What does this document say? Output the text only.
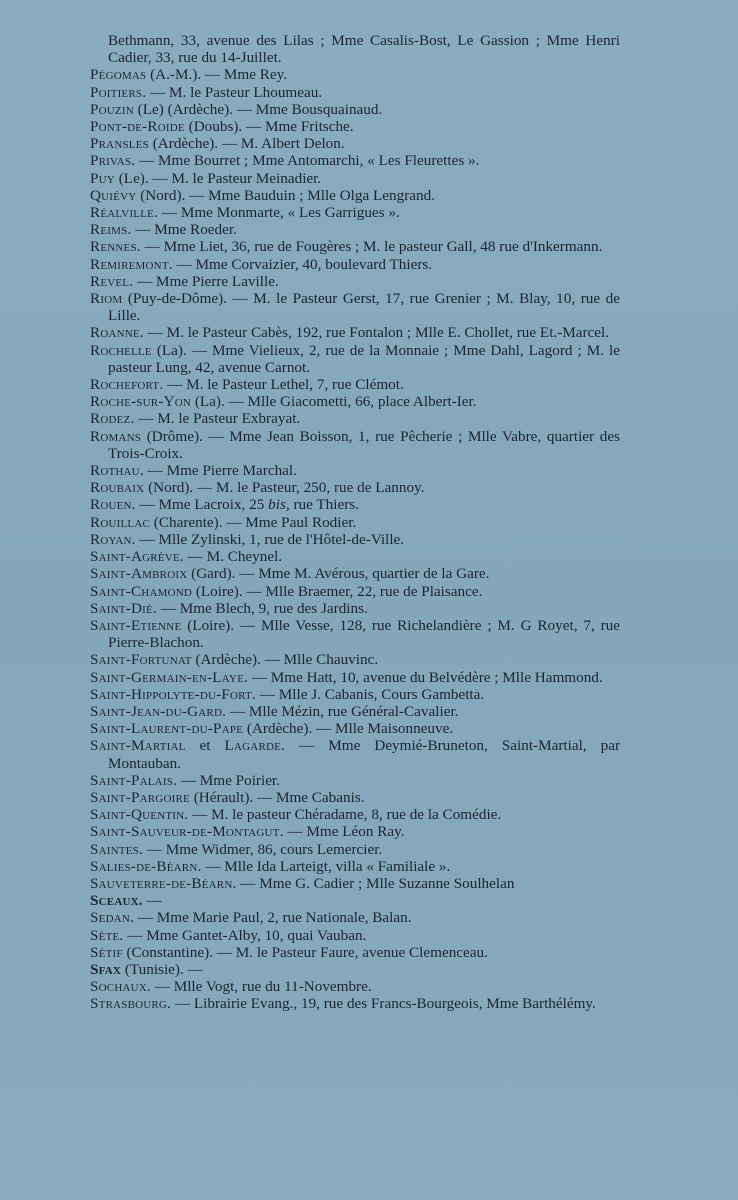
Bethmann, 33, avenue des Lilas ; Mme Casalis-Bost, Le Gassion ; Mme Henri Cadier, 33, rue du 14-Juillet.

Pégomas (A.-M.). — Mme Rey.

Poitiers. — M. le Pasteur Lhoumeau.

Pouzin (Le) (Ardèche). — Mme Bousquainaud.

Pont-de-Roide (Doubs). — Mme Fritsche.

Pransles (Ardèche). — M. Albert Delon.

Privas. — Mme Bourret ; Mme Antomarchi, « Les Fleurettes ».

Puy (Le). — M. le Pasteur Meinadier.

Quiévy (Nord). — Mme Bauduin ; Mlle Olga Lengrand.

Réalville. — Mme Monmarte, « Les Garrigues ».

Reims. — Mme Roeder.

Rennes. — Mme Liet, 36, rue de Fougères ; M. le pasteur Gall, 48 rue d'Inkermann.

Remiremont. — Mme Corvaizier, 40, boulevard Thiers.

Revel. — Mme Pierre Laville.

Riom (Puy-de-Dôme). — M. le Pasteur Gerst, 17, rue Grenier ; M. Blay, 10, rue de Lille.

Roanne. — M. le Pasteur Cabès, 192, rue Fontalon ; Mlle E. Chollet, rue Et.-Marcel.

Rochelle (La). — Mme Vielieux, 2, rue de la Monnaie ; Mme Dahl, Lagord ; M. le pasteur Lung, 42, avenue Carnot.

Rochefort. — M. le Pasteur Lethel, 7, rue Clémot.

Roche-sur-Yon (La). — Mlle Giacometti, 66, place Albert-Ier.

Rodez. — M. le Pasteur Exbrayat.

Romans (Drôme). — Mme Jean Boisson, 1, rue Pêcherie ; Mlle Vabre, quartier des Trois-Croix.

Rothau. — Mme Pierre Marchal.

Roubaix (Nord). — M. le Pasteur, 250, rue de Lannoy.

Rouen. — Mme Lacroix, 25 bis, rue Thiers.

Rouillac (Charente). — Mme Paul Rodier.

Royan. — Mlle Zylinski, 1, rue de l'Hôtel-de-Ville.

Saint-Agrève. — M. Cheynel.

Saint-Ambroix (Gard). — Mme M. Avérous, quartier de la Gare.

Saint-Chamond (Loire). — Mlle Braemer, 22, rue de Plaisance.

Saint-Dié. — Mme Blech, 9, rue des Jardins.

Saint-Etienne (Loire). — Mlle Vesse, 128, rue Richelandière ; M. G Royet, 7, rue Pierre-Blachon.

Saint-Fortunat (Ardèche). — Mlle Chauvinc.

Saint-Germain-en-Laye. — Mme Hatt, 10, avenue du Belvédère ; Mlle Hammond.

Saint-Hippolyte-du-Fort. — Mlle J. Cabanis, Cours Gambetta.

Saint-Jean-du-Gard. — Mlle Mézin, rue Général-Cavalier.

Saint-Laurent-du-Pape (Ardèche). — Mlle Maisonneuve.

Saint-Martial et Lagarde. — Mme Deymié-Bruneton, Saint-Martial, par Montauban.

Saint-Palais. — Mme Poirier.

Saint-Pargoire (Hérault). — Mme Cabanis.

Saint-Quentin. — M. le pasteur Chéradame, 8, rue de la Comédie.

Saint-Sauveur-de-Montagut. — Mme Léon Ray.

Saintes. — Mme Widmer, 86, cours Lemercier.

Salies-de-Béarn. — Mlle Ida Larteigt, villa « Familiale ».

Sauveterre-de-Béarn. — Mme G. Cadier ; Mlle Suzanne Soulhelan

Sceaux. —

Sedan. — Mme Marie Paul, 2, rue Nationale, Balan.

Sète. — Mme Gantet-Alby, 10, quai Vauban.

Sétif (Constantine). — M. le Pasteur Faure, avenue Clemenceau.

Sfax (Tunisie). —

Sochaux. — Mlle Vogt, rue du 11-Novembre.

Strasbourg. — Librairie Evang., 19, rue des Francs-Bourgeois, Mme Barthélémy.
